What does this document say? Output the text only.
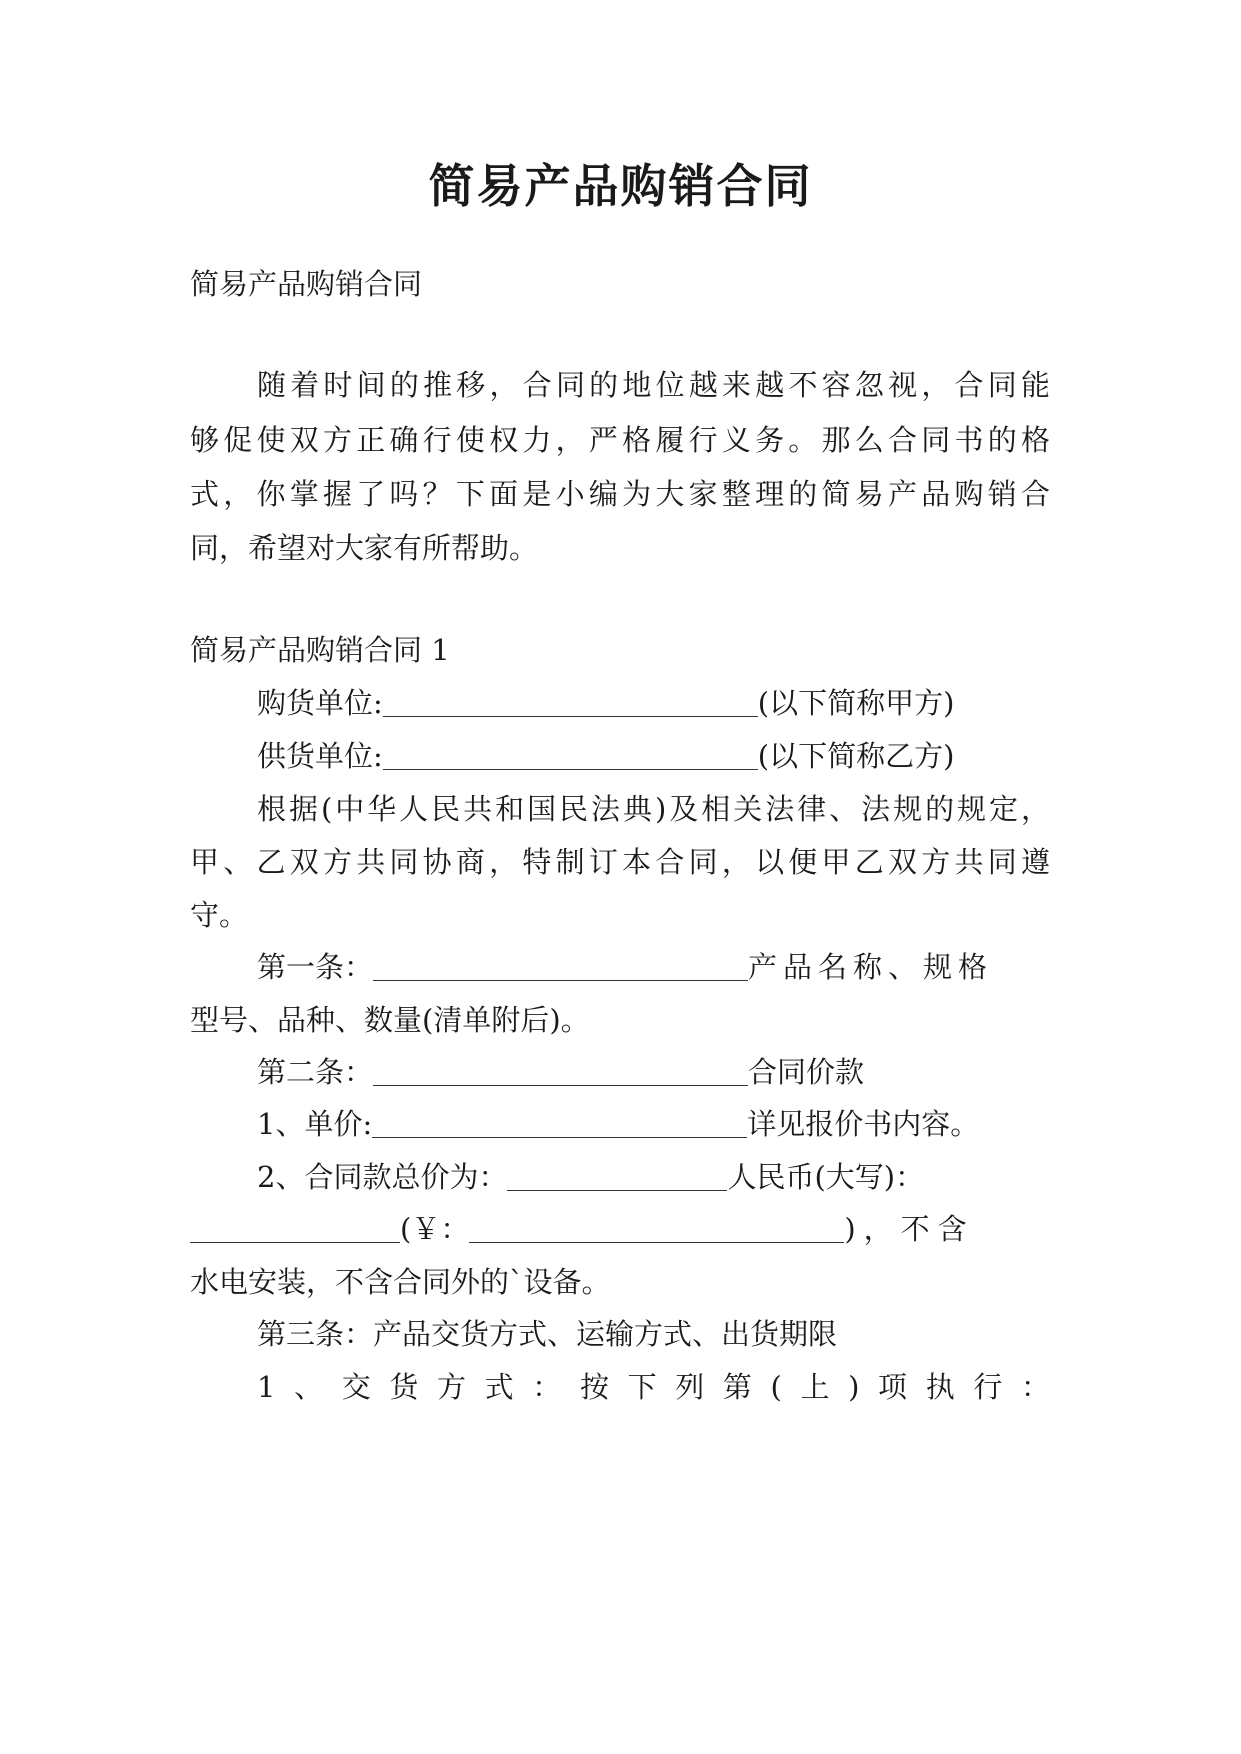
简易产品购销合同
简易产品购销合同
随着时间的推移，合同的地位越来越不容忽视，合同能
够促使双方正确行使权力，严格履行义务。那么合同书的格
式，你掌握了吗？下面是小编为大家整理的简易产品购销合
同，希望对大家有所帮助。
简易产品购销合同 1
购货单位:	(以下简称甲方)
供货单位:	(以下简称乙方)
根据(中华人民共和国民法典)及相关法律、法规的规定，
甲、乙双方共同协商，特制订本合同，以便甲乙双方共同遵
守。
第一条：	产品名称、规格
型号、品种、数量(清单附后)。
第二条：	合同价款
1、单价:	详见报价书内容。
2、合同款总价为：	人民币(大写)：
(￥：	)，不含
水电安装，不含合同外的`设备。
第三条：产品交货方式、运输方式、出货期限
1、交货方式：按下列第(上)项执行：
